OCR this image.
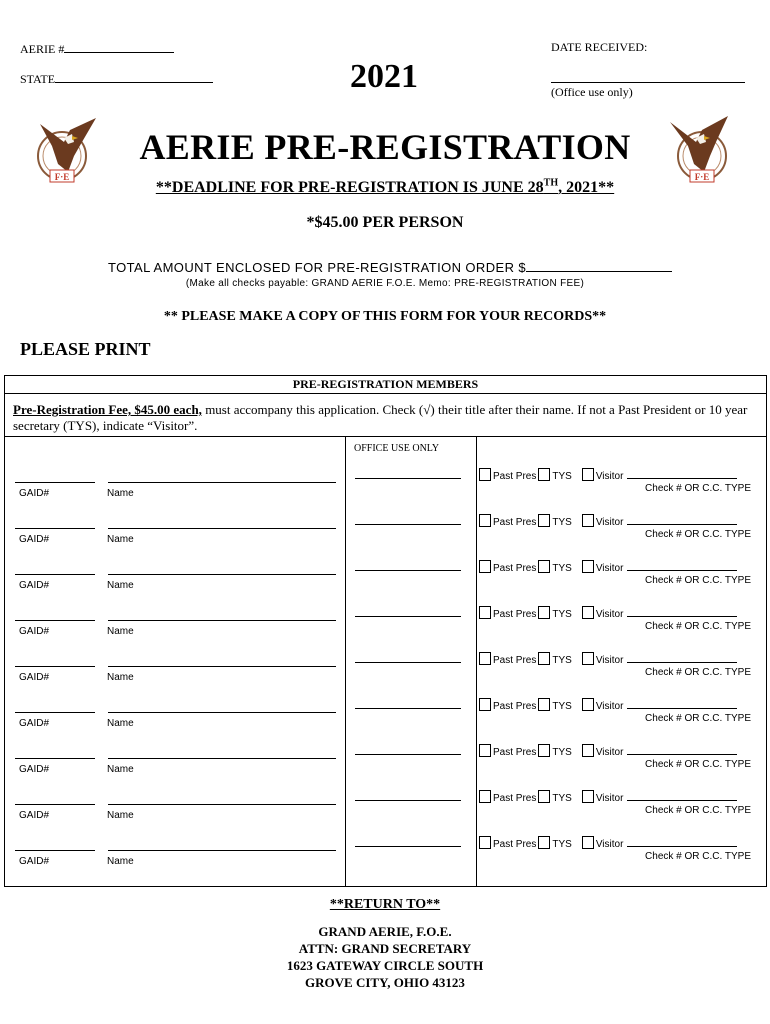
AERIE #
STATE	2021
DATE RECEIVED:
(Office use only)
F·E	F·E
AERIE PRE-REGISTRATION
**DEADLINE FOR PRE-REGISTRATION IS JUNE 28TH, 2021**
*$45.00 PER PERSON
TOTAL AMOUNT ENCLOSED FOR PRE-REGISTRATION ORDER $
(Make all checks payable: GRAND AERIE F.O.E. Memo: PRE-REGISTRATION FEE)
** PLEASE MAKE A COPY OF THIS FORM FOR YOUR RECORDS**
PLEASE PRINT
PRE-REGISTRATION MEMBERS
Pre-Registration Fee, $45.00 each, must accompany this application. Check (√) their title after their name. If not a Past President or 10 year secretary (TYS), indicate “Visitor”.
OFFICE USE ONLY
GAID#	Name
Past Pres TYS Visitor
Check # OR C.C. TYPE
GAID#	Name
Past Pres TYS Visitor
Check # OR C.C. TYPE
GAID#	Name
Past Pres TYS Visitor
Check # OR C.C. TYPE
GAID#	Name
Past Pres TYS Visitor
Check # OR C.C. TYPE
GAID#	Name
Past Pres TYS Visitor
Check # OR C.C. TYPE
GAID#	Name
Past Pres TYS Visitor
Check # OR C.C. TYPE
GAID#	Name
Past Pres TYS Visitor
Check # OR C.C. TYPE
GAID#	Name
Past Pres TYS Visitor
Check # OR C.C. TYPE
GAID#	Name
Past Pres TYS Visitor
Check # OR C.C. TYPE
**RETURN TO**
GRAND AERIE, F.O.E.
ATTN: GRAND SECRETARY
1623 GATEWAY CIRCLE SOUTH
GROVE CITY, OHIO 43123
